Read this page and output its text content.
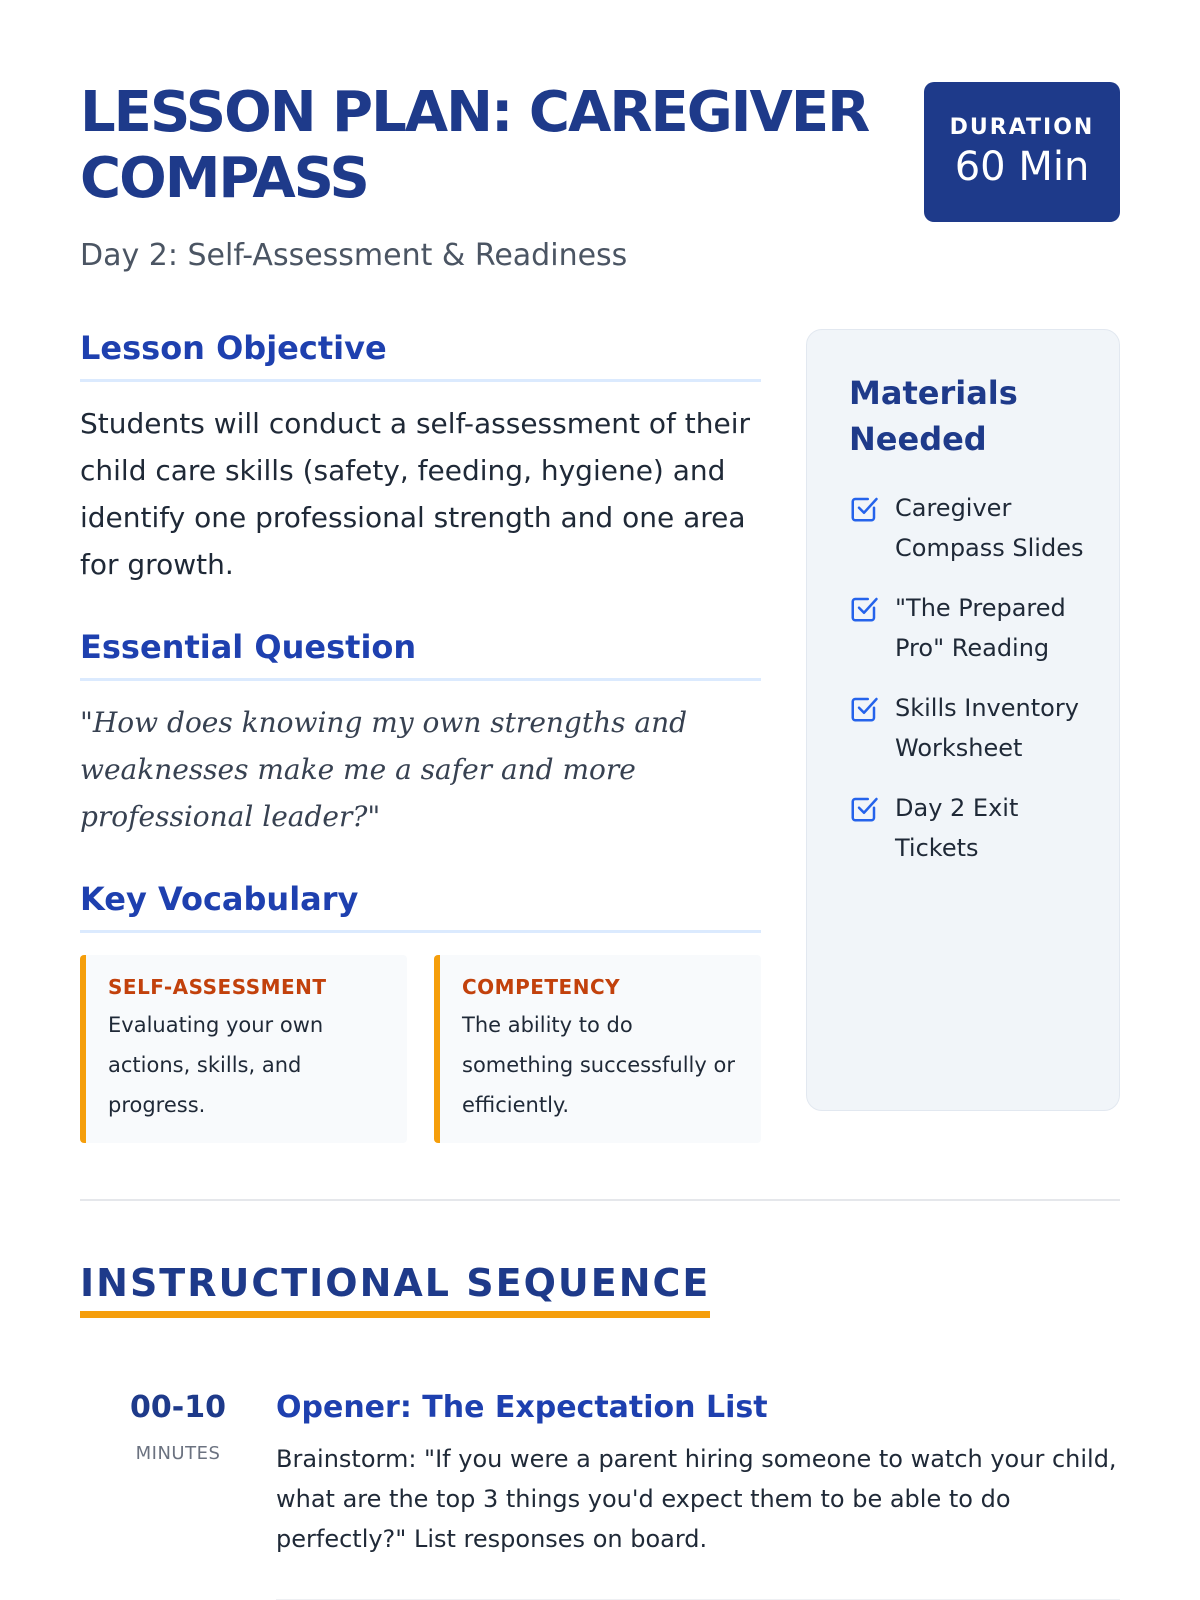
LESSON PLAN: CAREGIVER COMPASS
Day 2: Self-Assessment & Readiness
DURATION
60 Min
Lesson Objective

Students will conduct a self-assessment of their child care skills (safety, feeding, hygiene) and identify one professional strength and one area for growth.

Essential Question

"How does knowing my own strengths and weaknesses make me a safer and more professional leader?"

Key Vocabulary
SELF-ASSESSMENT
Evaluating your own actions, skills, and progress.
COMPETENCY
The ability to do something successfully or efficiently.
Materials Needed
Caregiver Compass Slides
"The Prepared Pro" Reading
Skills Inventory Worksheet
Day 2 Exit Tickets
INSTRUCTIONAL SEQUENCE
00-10
MINUTES
Opener: The Expectation List

Brainstorm: "If you were a parent hiring someone to watch your child, what are the top 3 things you'd expect them to be able to do perfectly?" List responses on board.
